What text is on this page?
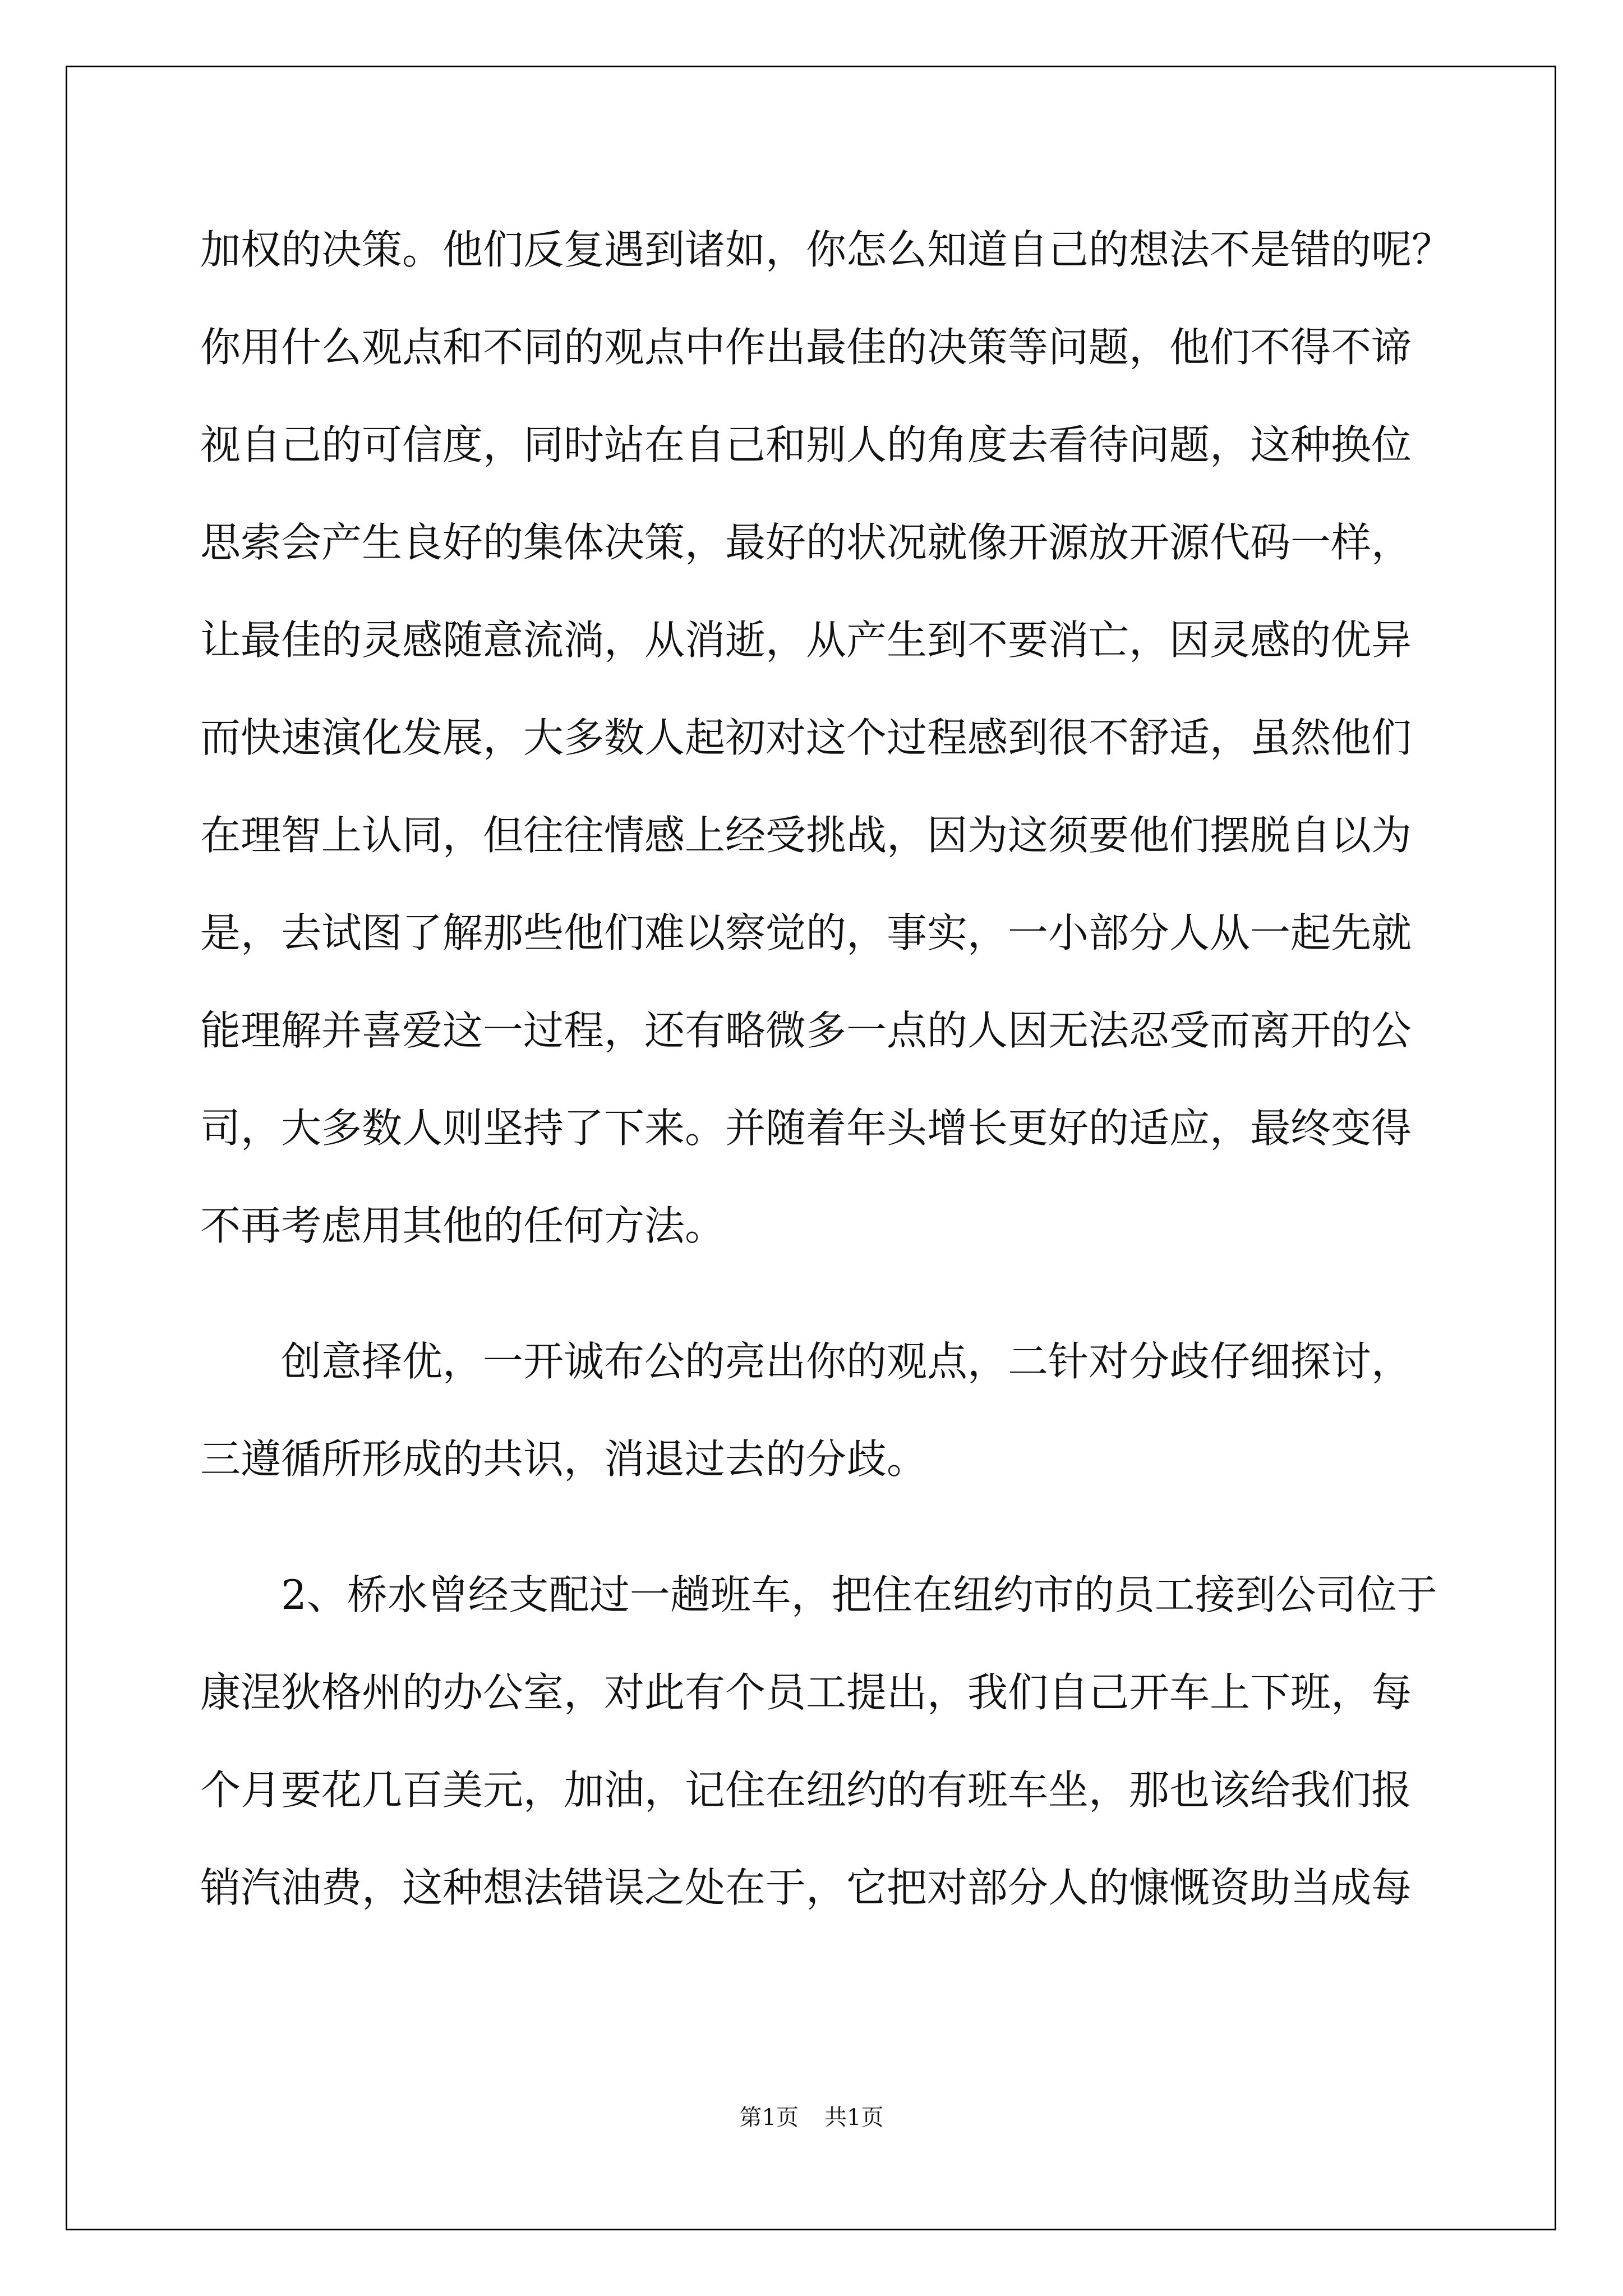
加权的决策。他们反复遇到诸如，你怎么知道自己的想法不是错的呢？
你用什么观点和不同的观点中作出最佳的决策等问题，他们不得不谛
视自己的可信度，同时站在自己和别人的角度去看待问题，这种换位
思索会产生良好的集体决策，最好的状况就像开源放开源代码一样，
让最佳的灵感随意流淌，从消逝，从产生到不要消亡，因灵感的优异
而快速演化发展，大多数人起初对这个过程感到很不舒适，虽然他们
在理智上认同，但往往情感上经受挑战，因为这须要他们摆脱自以为
是，去试图了解那些他们难以察觉的，事实，一小部分人从一起先就
能理解并喜爱这一过程，还有略微多一点的人因无法忍受而离开的公
司，大多数人则坚持了下来。并随着年头增长更好的适应，最终变得
不再考虑用其他的任何方法。
创意择优，一开诚布公的亮出你的观点，二针对分歧仔细探讨，
三遵循所形成的共识，消退过去的分歧。
2、桥水曾经支配过一趟班车，把住在纽约市的员工接到公司位于
康涅狄格州的办公室，对此有个员工提出，我们自己开车上下班，每
个月要花几百美元，加油，记住在纽约的有班车坐，那也该给我们报
销汽油费，这种想法错误之处在于，它把对部分人的慷慨资助当成每
第1页 共1页
